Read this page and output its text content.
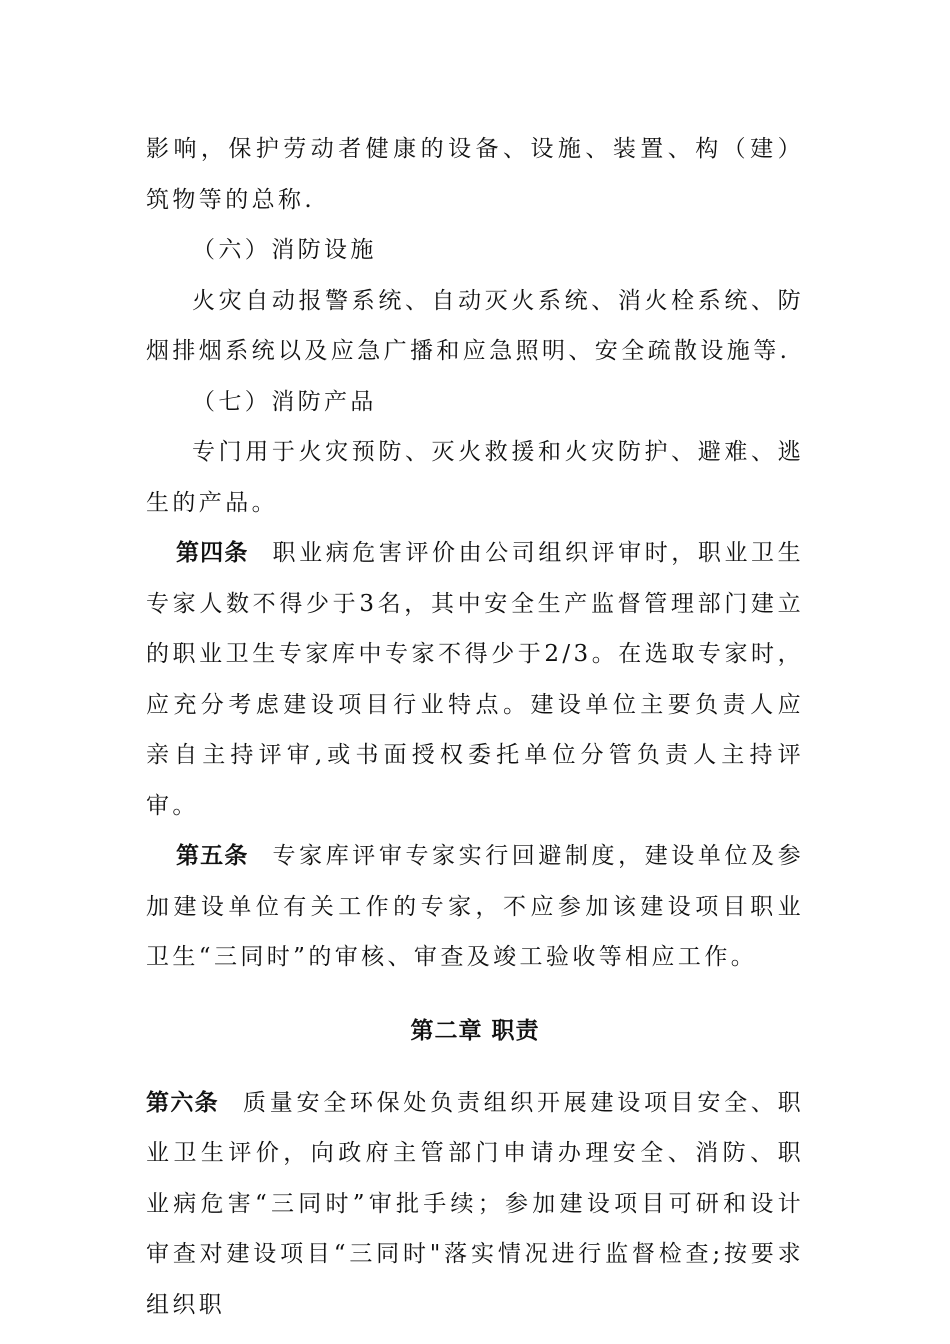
影响，保护劳动者健康的设备、设施、装置、构（建）筑物等的总称.

（六）消防设施

火灾自动报警系统、自动灭火系统、消火栓系统、防烟排烟系统以及应急广播和应急照明、安全疏散设施等.

（七）消防产品

专门用于火灾预防、灭火救援和火灾防护、避难、逃生的产品。

第四条 职业病危害评价由公司组织评审时，职业卫生专家人数不得少于3名，其中安全生产监督管理部门建立的职业卫生专家库中专家不得少于2/3。在选取专家时，应充分考虑建设项目行业特点。建设单位主要负责人应亲自主持评审,或书面授权委托单位分管负责人主持评审。

第五条 专家库评审专家实行回避制度，建设单位及参加建设单位有关工作的专家，不应参加该建设项目职业卫生“三同时”的审核、审查及竣工验收等相应工作。

第二章 职责

第六条 质量安全环保处负责组织开展建设项目安全、职业卫生评价，向政府主管部门申请办理安全、消防、职业病危害“三同时”审批手续；参加建设项目可研和设计审查对建设项目“三同时"落实情况进行监督检查;按要求组织职
